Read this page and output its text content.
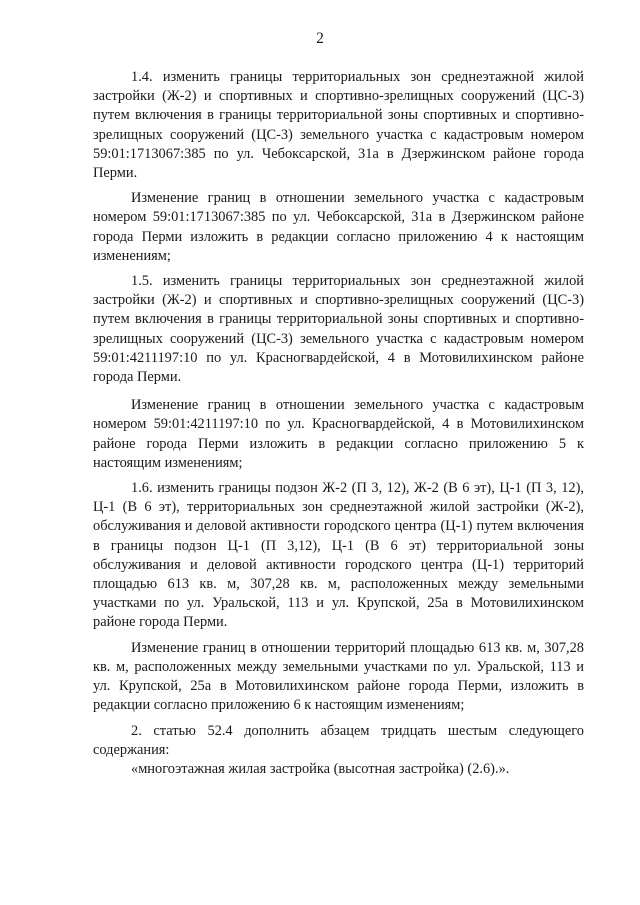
2

1.4. изменить границы территориальных зон среднеэтажной жилой застройки (Ж-2) и спортивных и спортивно-зрелищных сооружений (ЦС-3) путем включения в границы территориальной зоны спортивных и спортивно-зрелищных сооружений (ЦС-3) земельного участка с кадастровым номером 59:01:1713067:385 по ул. Чебоксарской, 31а в Дзержинском районе города Перми.

Изменение границ в отношении земельного участка с кадастровым номером 59:01:1713067:385 по ул. Чебоксарской, 31а в Дзержинском районе города Перми изложить в редакции согласно приложению 4 к настоящим изменениям;

1.5. изменить границы территориальных зон среднеэтажной жилой застройки (Ж-2) и спортивных и спортивно-зрелищных сооружений (ЦС-3) путем включения в границы территориальной зоны спортивных и спортивно-зрелищных сооружений (ЦС-3) земельного участка с кадастровым номером 59:01:4211197:10 по ул. Красногвардейской, 4 в Мотовилихинском районе города Перми.

Изменение границ в отношении земельного участка с кадастровым номером 59:01:4211197:10 по ул. Красногвардейской, 4 в Мотовилихинском районе города Перми изложить в редакции согласно приложению 5 к настоящим изменениям;

1.6. изменить границы подзон Ж-2 (П 3, 12), Ж-2 (В 6 эт), Ц-1 (П 3, 12), Ц-1 (В 6 эт), территориальных зон среднеэтажной жилой застройки (Ж-2), обслуживания и деловой активности городского центра (Ц-1) путем включения в границы подзон Ц-1 (П 3,12), Ц-1 (В 6 эт) территориальной зоны обслуживания и деловой активности городского центра (Ц-1) территорий площадью 613 кв. м, 307,28 кв. м, расположенных между земельными участками по ул. Уральской, 113 и ул. Крупской, 25а в Мотовилихинском районе города Перми.

Изменение границ в отношении территорий площадью 613 кв. м, 307,28 кв. м, расположенных между земельными участками по ул. Уральской, 113 и ул. Крупской, 25а в Мотовилихинском районе города Перми, изложить в редакции согласно приложению 6 к настоящим изменениям;

2. статью 52.4 дополнить абзацем тридцать шестым следующего содержания:

«многоэтажная жилая застройка (высотная застройка) (2.6).».
